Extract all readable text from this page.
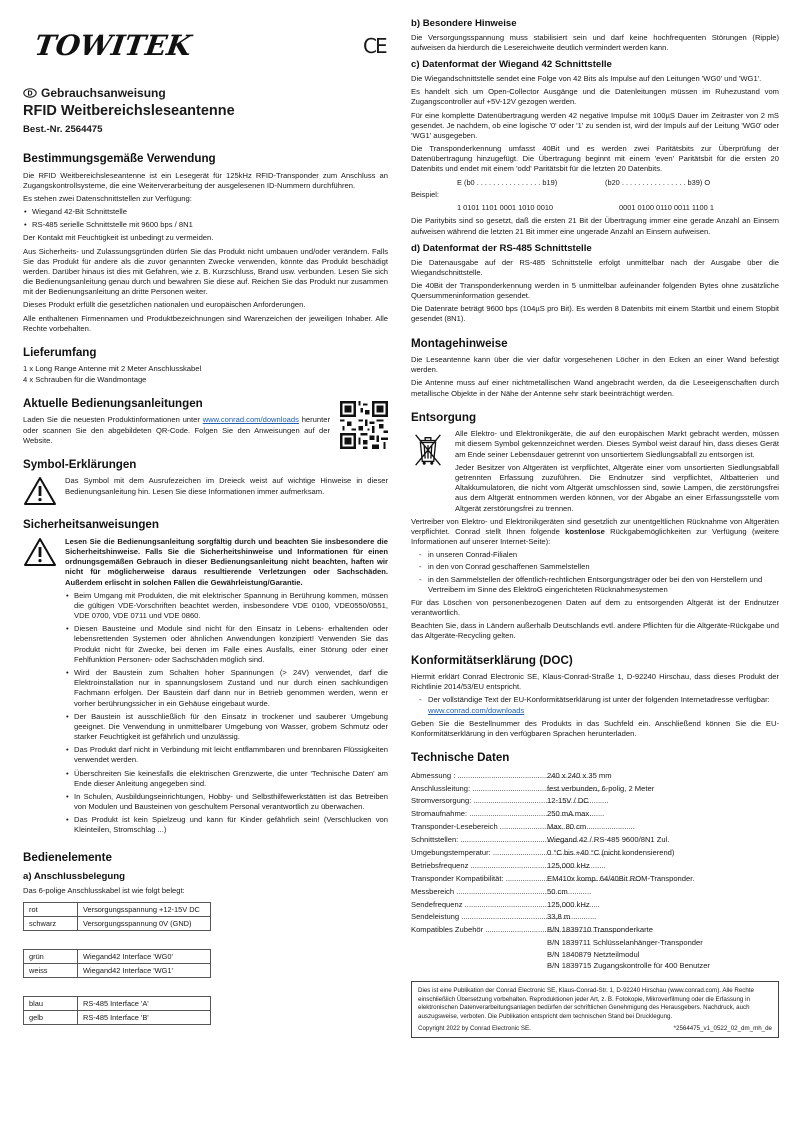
TOWITEK	CE
D Gebrauchsanweisung
RFID Weitbereichsleseantenne
Best.-Nr. 2564475
Bestimmungsgemäße Verwendung

Die RFID Weitbereichsleseantenne ist ein Lesegerät für 125kHz RFID-Transponder zum Anschluss an Zugangskontrollsysteme, die eine Weiterverarbeitung der ausgelesenen ID-Nummern durchführen.

Es stehen zwei Datenschnittstellen zur Verfügung:

• Wiegand 42-Bit Schnittstelle
• RS-485 serielle Schnittstelle mit 9600 bps / 8N1

Der Kontakt mit Feuchtigkeit ist unbedingt zu vermeiden.

Aus Sicherheits- und Zulassungsgründen dürfen Sie das Produkt nicht umbauen und/oder verändern. Falls Sie das Produkt für andere als die zuvor genannten Zwecke verwenden, könnte das Produkt beschädigt werden. Darüber hinaus ist dies mit Gefahren, wie z. B. Kurzschluss, Brand usw. verbunden. Lesen Sie sich die Bedienungsanleitung genau durch und bewahren Sie diese auf. Reichen Sie das Produkt nur zusammen mit der Bedienungsanleitung an dritte Personen weiter.

Dieses Produkt erfüllt die gesetzlichen nationalen und europäischen Anforderungen.

Alle enthaltenen Firmennamen und Produktbezeichnungen sind Warenzeichen der jeweiligen Inhaber. Alle Rechte vorbehalten.

Lieferumfang

1 x Long Range Antenne mit 2 Meter Anschlusskabel

4 x Schrauben für die Wandmontage

Aktuelle Bedienungsanleitungen

Laden Sie die neuesten Produktinformationen unter www.conrad.com/downloads herunter oder scannen Sie den abgebildeten QR-Code. Folgen Sie den Anweisungen auf der Website.

Symbol-Erklärungen

Das Symbol mit dem Ausrufezeichen im Dreieck weist auf wichtige Hinweise in dieser Bedienungsanleitung hin. Lesen Sie diese Informationen immer aufmerksam.

Sicherheitsanweisungen

Lesen Sie die Bedienungsanleitung sorgfältig durch und beachten Sie insbesondere die Sicherheitshinweise. Falls Sie die Sicherheitshinweise und Informationen für einen ordnungsgemäßen Gebrauch in dieser Bedienungsanleitung nicht beachten, haften wir nicht für möglicherweise daraus resultierende Verletzungen oder Sachschäden. Außerdem erlischt in solchen Fällen die Gewährleistung/Garantie.

• Beim Umgang mit Produkten, die mit elektrischer Spannung in Berührung kommen, müssen die gültigen VDE-Vorschriften beachtet werden, insbesondere VDE 0100, VDE0550/0551, VDE 0700, VDE 0711 und VDE 0860.
• Diesen Bausteine und Module sind nicht für den Einsatz in Lebens- erhaltenden oder lebensrettenden Systemen oder ähnlichen Anwendungen konzipiert! Verwenden Sie das Produkt nicht für Zwecke, bei denen im Falle eines Ausfalls, einer Störung oder einer Fehlfunktion Personen- oder Sachschäden möglich sind.
• Wird der Baustein zum Schalten hoher Spannungen (> 24V) verwendet, darf die Elektroinstallation nur in spannungslosem Zustand und nur durch einen sachkundigen Fachmann erfolgen. Der Baustein darf dann nur in Betrieb genommen werden, wenn er vorher berührungssicher in ein Gehäuse eingebaut wurde.
• Der Baustein ist ausschließlich für den Einsatz in trockener und sauberer Umgebung geeignet. Die Verwendung in unmittelbarer Umgebung von Wasser, grobem Schmutz oder starker Feuchtigkeit ist gefährlich und unzulässig.
• Das Produkt darf nicht in Verbindung mit leicht entflammbaren und brennbaren Flüssigkeiten verwendet werden.
• Überschreiten Sie keinesfalls die elektrischen Grenzwerte, die unter 'Technische Daten' am Ende dieser Anleitung angegeben sind.
• In Schulen, Ausbildungseinrichtungen, Hobby- und Selbsthilfewerkstätten ist das Betreiben von Modulen und Bausteinen von geschultem Personal verantwortlich zu überwachen.
• Das Produkt ist kein Spielzeug und kann für Kinder gefährlich sein! (Verschlucken von Kleinteilen, Stromschlag ...)
Bedienelemente
a) Anschlussbelegung

Das 6-polige Anschlusskabel ist wie folgt belegt:

rot	Versorgungsspannung +12-15V DC
schwarz	Versorgungsspannung 0V (GND)
grün	Wiegand42 Interface 'WG0'
weiss	Wiegand42 Interface 'WG1'
blau	RS-485 Interface 'A'
gelb	RS-485 Interface 'B'
b) Besondere Hinweise

Die Versorgungsspannung muss stabilisiert sein und darf keine hochfrequenten Störungen (Ripple) aufweisen da hierdurch die Lesereichweite deutlich vermindert werden kann.

c) Datenformat der Wiegand 42 Schnittstelle

Die Wiegandschnittstelle sendet eine Folge von 42 Bits als Impulse auf den Leitungen 'WG0' und 'WG1'.

Es handelt sich um Open-Collector Ausgänge und die Datenleitungen müssen im Ruhezustand vom Zugangscontroller auf +5V-12V gezogen werden.

Für eine komplette Datenübertragung werden 42 negative Impulse mit 100µS Dauer im Zeitraster von 2 mS gesendet. Je nachdem, ob eine logische '0' oder '1' zu senden ist, wird der Impuls auf der Leitung 'WG0' oder 'WG1' ausgegeben.

Die Transponderkennung umfasst 40Bit und es werden zwei Paritätsbits zur Überprüfung der Datenübertragung hinzugefügt. Die Übertragung beginnt mit einem 'even' Paritätsbit für die ersten 20 Datenbits und endet mit einem 'odd' Paritätsbit für die letzten 20 Datenbits.

E (b0 . . . . . . . . . . . . . . . . b19)	(b20 . . . . . . . . . . . . . . . . b39) O
Beispiel:
1 0101 1101 0001 1010 0010	0001 0100 0110 0011 1100 1

Die Paritybits sind so gesetzt, daß die ersten 21 Bit der Übertragung immer eine gerade Anzahl an Einsern aufweisen während die letzten 21 Bit immer eine ungerade Anzahl an Einsern aufweisen.

d) Datenformat der RS-485 Schnittstelle

Die Datenausgabe auf der RS-485 Schnittstelle erfolgt unmittelbar nach der Ausgabe über die Wiegandschnittstelle.

Die 40Bit der Transponderkennung werden in 5 unmittelbar aufeinander folgenden Bytes ohne zusätzliche Quersummeninformation gesendet.

Die Datenrate beträgt 9600 bps (104µS pro Bit). Es werden 8 Datenbits mit einem Startbit und einem Stopbit gesendet (8N1).

Montagehinweise

Die Leseantenne kann über die vier dafür vorgesehenen Löcher in den Ecken an einer Wand befestigt werden.

Die Antenne muss auf einer nichtmetallischen Wand angebracht werden, da die Leseeigenschaften durch metallische Objekte in der Nähe der Antenne sehr stark beeinträchtigt werden.

Entsorgung

Alle Elektro- und Elektronikgeräte, die auf den europäischen Markt gebracht werden, müssen mit diesem Symbol gekennzeichnet werden. Dieses Symbol weist darauf hin, dass dieses Gerät am Ende seiner Lebensdauer getrennt von unsortiertem Siedlungsabfall zu entsorgen ist.

Jeder Besitzer von Altgeräten ist verpflichtet, Altgeräte einer vom unsortierten Siedlungsabfall getrennten Erfassung zuzuführen. Die Endnutzer sind verpflichtet, Altbatterien und Altakkumulatoren, die nicht vom Altgerät umschlossen sind, sowie Lampen, die zerstörungsfrei aus dem Altgerät entnommen werden können, vor der Abgabe an einer Erfassungsstelle vom Altgerät zerstörungsfrei zu trennen.

Vertreiber von Elektro- und Elektronikgeräten sind gesetzlich zur unentgeltlichen Rücknahme von Altgeräten verpflichtet. Conrad stellt Ihnen folgende kostenlose Rückgabemöglichkeiten zur Verfügung (weitere Informationen auf unserer Internet-Seite):

- in unseren Conrad-Filialen
- in den von Conrad geschaffenen Sammelstellen
- in den Sammelstellen der öffentlich-rechtlichen Entsorgungsträger oder bei den von Herstellern und Vertreibern im Sinne des ElektroG eingerichteten Rücknahmesystemen

Für das Löschen von personenbezogenen Daten auf dem zu entsorgenden Altgerät ist der Endnutzer verantwortlich.

Beachten Sie, dass in Ländern außerhalb Deutschlands evtl. andere Pflichten für die Altgeräte-Rückgabe und das Altgeräte-Recycling gelten.

Konformitätserklärung (DOC)

Hiermit erklärt Conrad Electronic SE, Klaus-Conrad-Straße 1, D-92240 Hirschau, dass dieses Produkt der Richtlinie 2014/53/EU entspricht.

- Der vollständige Text der EU-Konformitätserklärung ist unter der folgenden Internetadresse verfügbar:
www.conrad.com/downloads

Geben Sie die Bestellnummer des Produkts in das Suchfeld ein. Anschließend können Sie die EU-Konformitätserklärung in den verfügbaren Sprachen herunterladen.

Technische Daten
Abmessung : .....	240 x 240 x 35 mm
Anschlussleitung: .....	fest verbunden, 6-polig, 2 Meter
Stromversorgung: .....	12-15V / DC
Stromaufnahme: .....	250 mA max.
Transponder-Lesebereich .....	Max. 80 cm
Schnittstellen: .....	Wiegand 42 / RS-485 9600/8N1 Zul.
Umgebungstemperatur: .....	0 °C bis +40 °C (nicht kondensierend)
Betriebsfrequenz .....	125,000 kHz
Transponder Kompatibilität: .....	EM410x komp. 64/40Bit ROM-Transponder.
Messbereich .....	50 cm
Sendefrequenz .....	125,000 kHz
Sendeleistung .....	33,8 m
Kompatibles Zubehör .....	B/N 1839710 Transponderkarte
B/N 1839711 Schlüsselanhänger-Transponder
B/N 1840879 Netzteilmodul
B/N 1839715 Zugangskontrolle für 400 Benutzer
Dies ist eine Publikation der Conrad Electronic SE, Klaus-Conrad-Str. 1, D-92240 Hirschau (www.conrad.com). Alle Rechte einschließlich Übersetzung vorbehalten. Reproduktionen jeder Art, z. B. Fotokopie, Mikroverfilmung oder die Erfassung in elektronischen Datenverarbeitungsanlagen bedürfen der schriftlichen Genehmigung des Herausgebers. Nachdruck, auch auszugsweise, verboten. Die Publikation entspricht dem technischen Stand bei Drucklegung.
Copyright 2022 by Conrad Electronic SE.	*2564475_v1_0522_02_dm_mh_de
